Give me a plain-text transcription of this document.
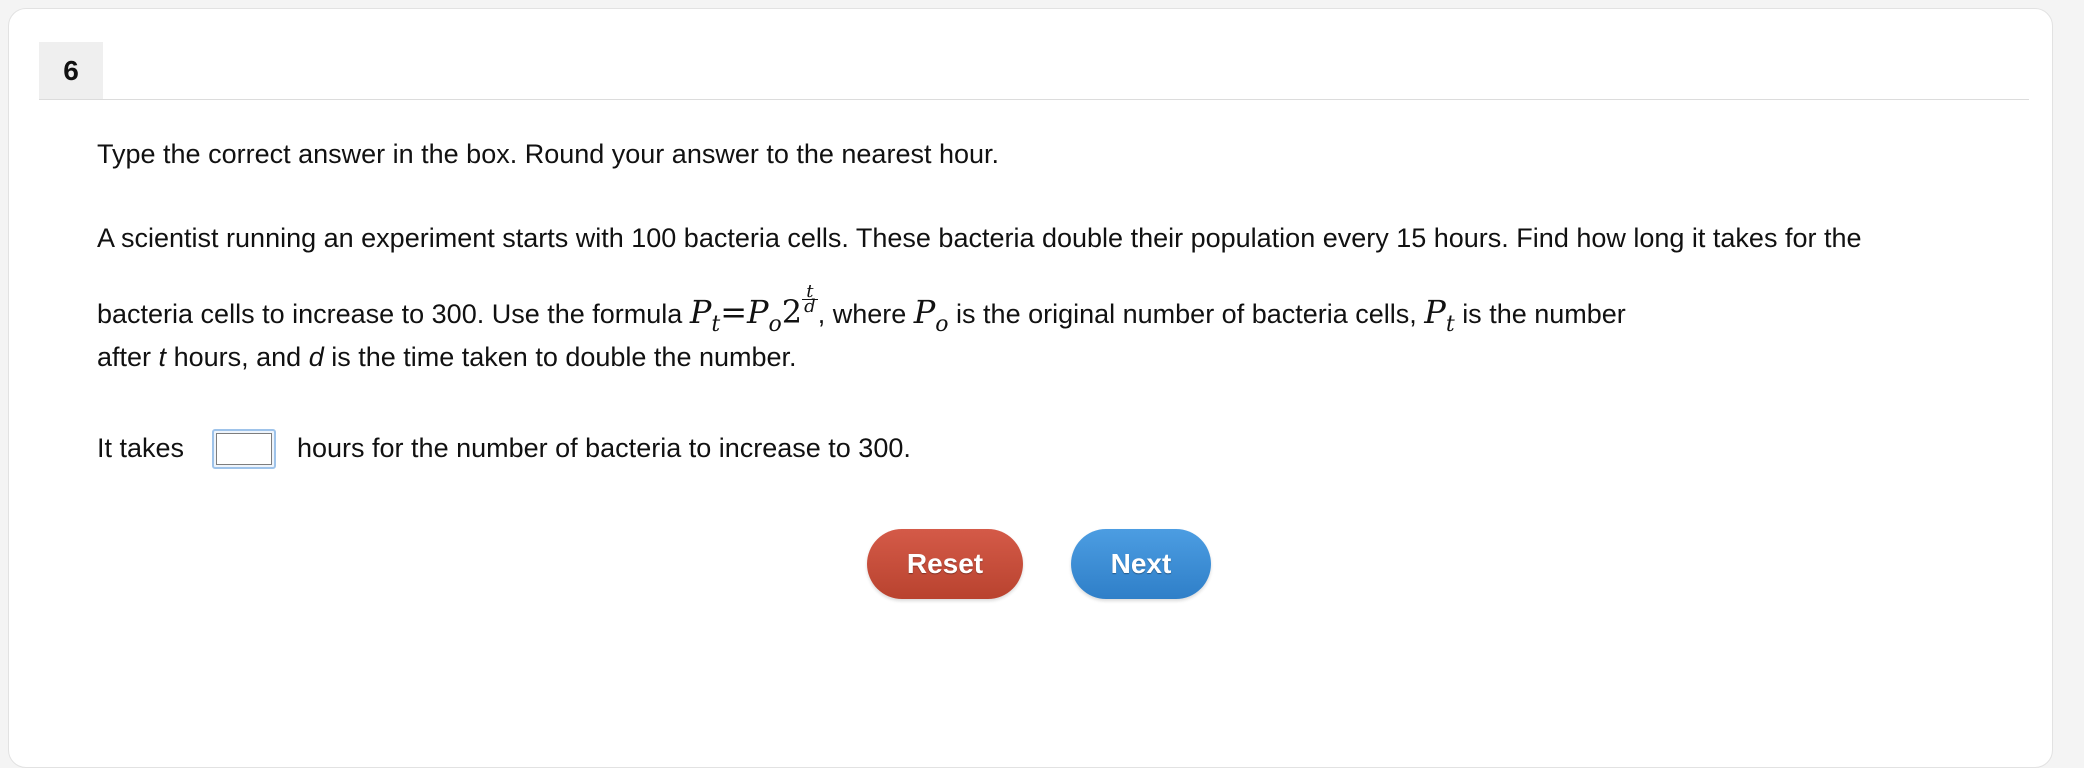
6
Type the correct answer in the box. Round your answer to the nearest hour.
A scientist running an experiment starts with 100 bacteria cells. These bacteria double their population every 15 hours. Find how long it takes for the
bacteria cells to increase to 300. Use the formula $P_t=P_o2 \frac{t}{d}$ , where $P_o$ is the original number of bacteria cells, $P_t$ is the number
after t hours, and d is the time taken to double the number.
It takes	hours for the number of bacteria to increase to 300.
Reset	Next
